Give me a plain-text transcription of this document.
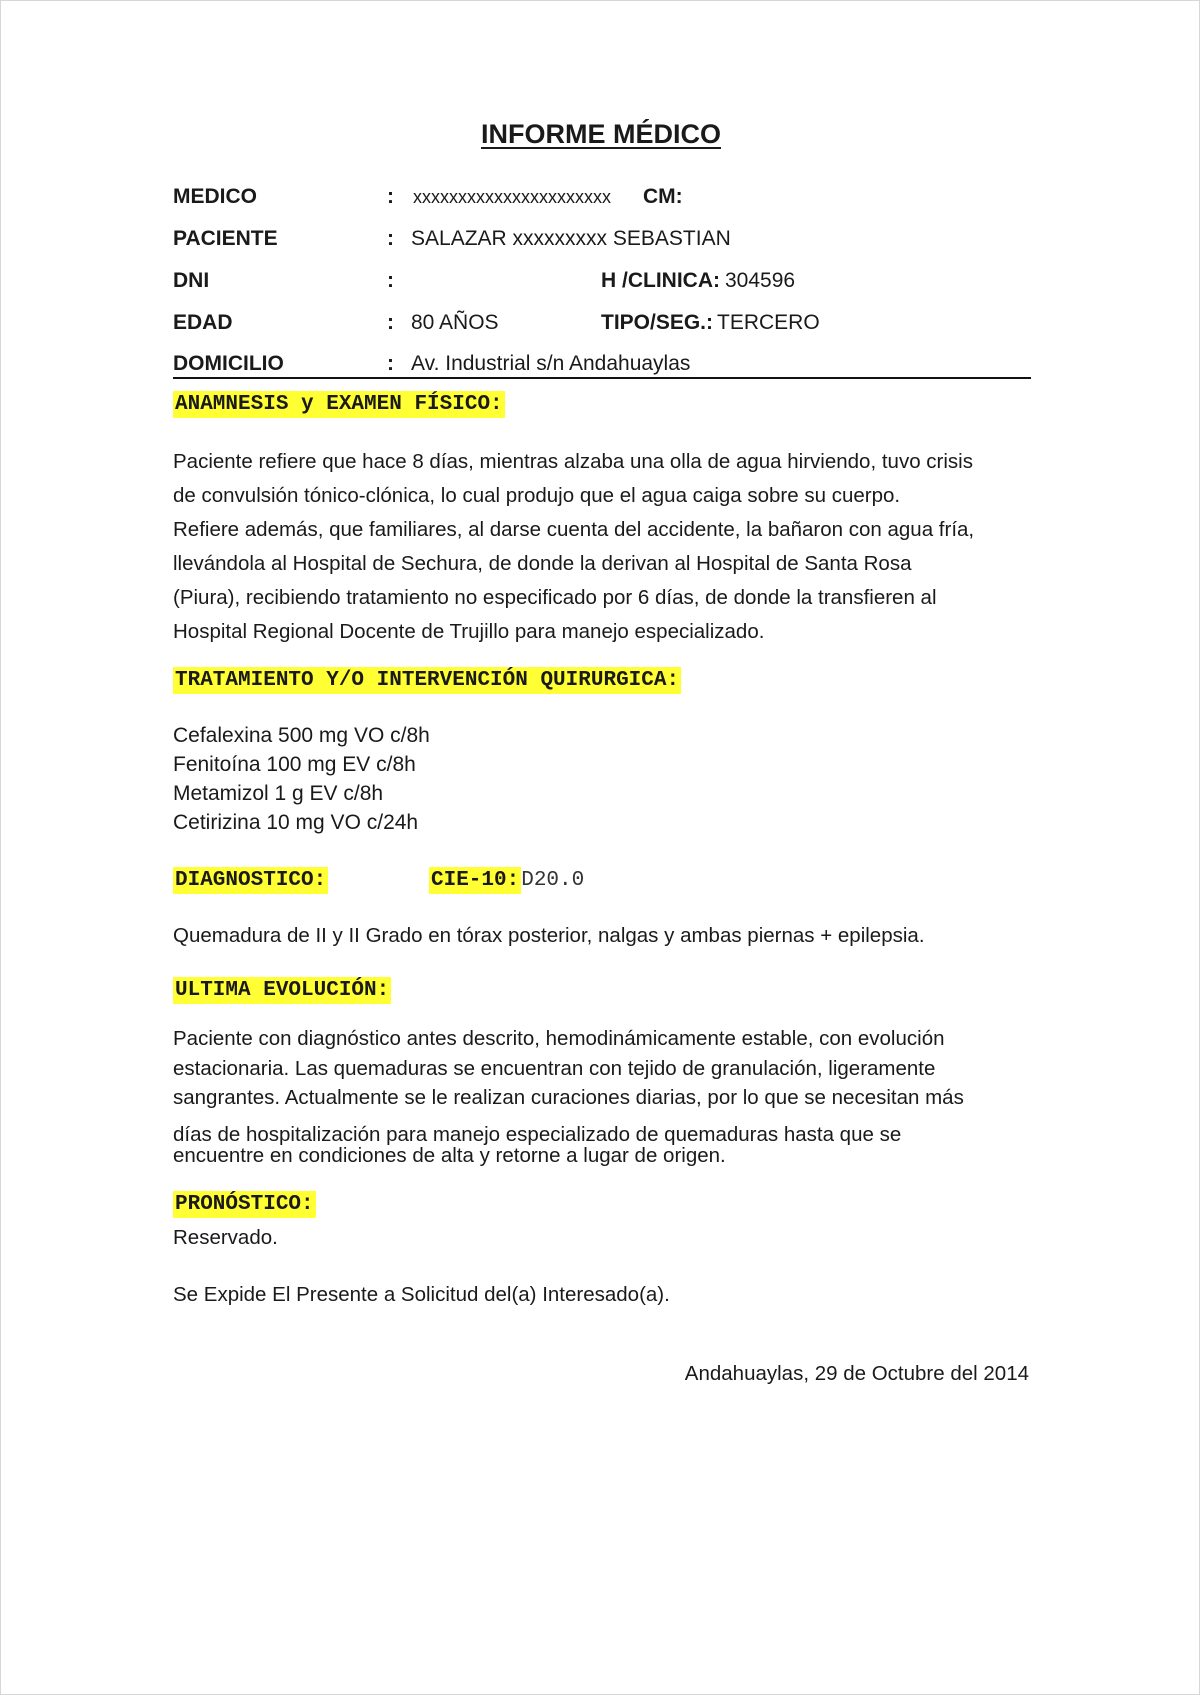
INFORME MÉDICO
MEDICO	: xxxxxxxxxxxxxxxxxxxxxx CM:
PACIENTE	: SALAZAR xxxxxxxxx SEBASTIAN
DNI	:	H /CLINICA: 304596
EDAD	: 80 AÑOS	TIPO/SEG.: TERCERO
DOMICILIO	: Av. Industrial s/n Andahuaylas
ANAMNESIS y EXAMEN FÍSICO:
Paciente refiere que hace 8 días, mientras alzaba una olla de agua hirviendo, tuvo crisis
de convulsión tónico-clónica, lo cual produjo que el agua caiga sobre su cuerpo.
Refiere además, que familiares, al darse cuenta del accidente, la bañaron con agua fría,
llevándola al Hospital de Sechura, de donde la derivan al Hospital de Santa Rosa
(Piura), recibiendo tratamiento no especificado por 6 días, de donde la transfieren al
Hospital Regional Docente de Trujillo para manejo especializado.
TRATAMIENTO Y/O INTERVENCIÓN QUIRURGICA:
Cefalexina 500 mg VO c/8h
Fenitoína 100 mg EV c/8h
Metamizol 1 g EV c/8h
Cetirizina 10 mg VO c/24h
DIAGNOSTICO:	CIE-10:D20.0
Quemadura de II y II Grado en tórax posterior, nalgas y ambas piernas + epilepsia.
ULTIMA EVOLUCIÓN:
Paciente con diagnóstico antes descrito, hemodinámicamente estable, con evolución
estacionaria. Las quemaduras se encuentran con tejido de granulación, ligeramente
sangrantes. Actualmente se le realizan curaciones diarias, por lo que se necesitan más
días de hospitalización para manejo especializado de quemaduras hasta que se
encuentre en condiciones de alta y retorne a lugar de origen.
PRONÓSTICO:
Reservado.
Se Expide El Presente a Solicitud del(a) Interesado(a).
Andahuaylas, 29 de Octubre del 2014
